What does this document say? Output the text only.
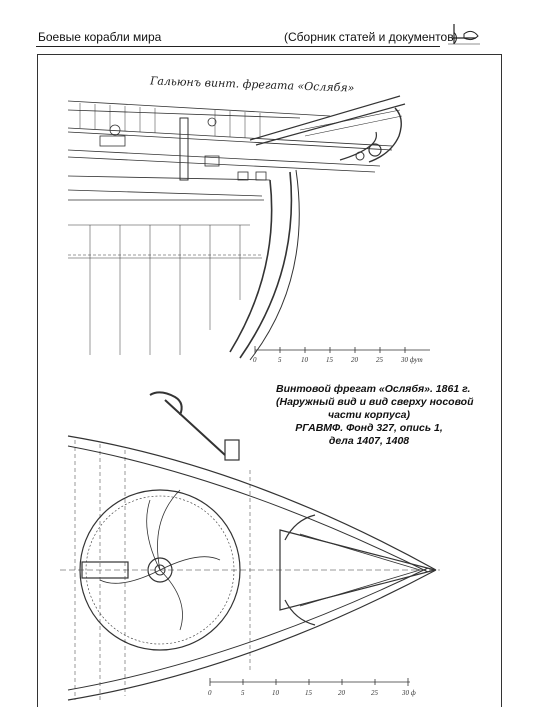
Боевые корабли мира	(Сборник статей и документов)
0	5	10	15	20	25	30 фут
0	5	10	15	20	25	30 ф
Гальюнъ винт. фрегата «Ослябя»
Винтовой фрегат «Ослябя». 1861 г.
(Наружный вид и вид сверху носовой
части корпуса)
РГАВМФ. Фонд 327, опись 1,
дела 1407, 1408
